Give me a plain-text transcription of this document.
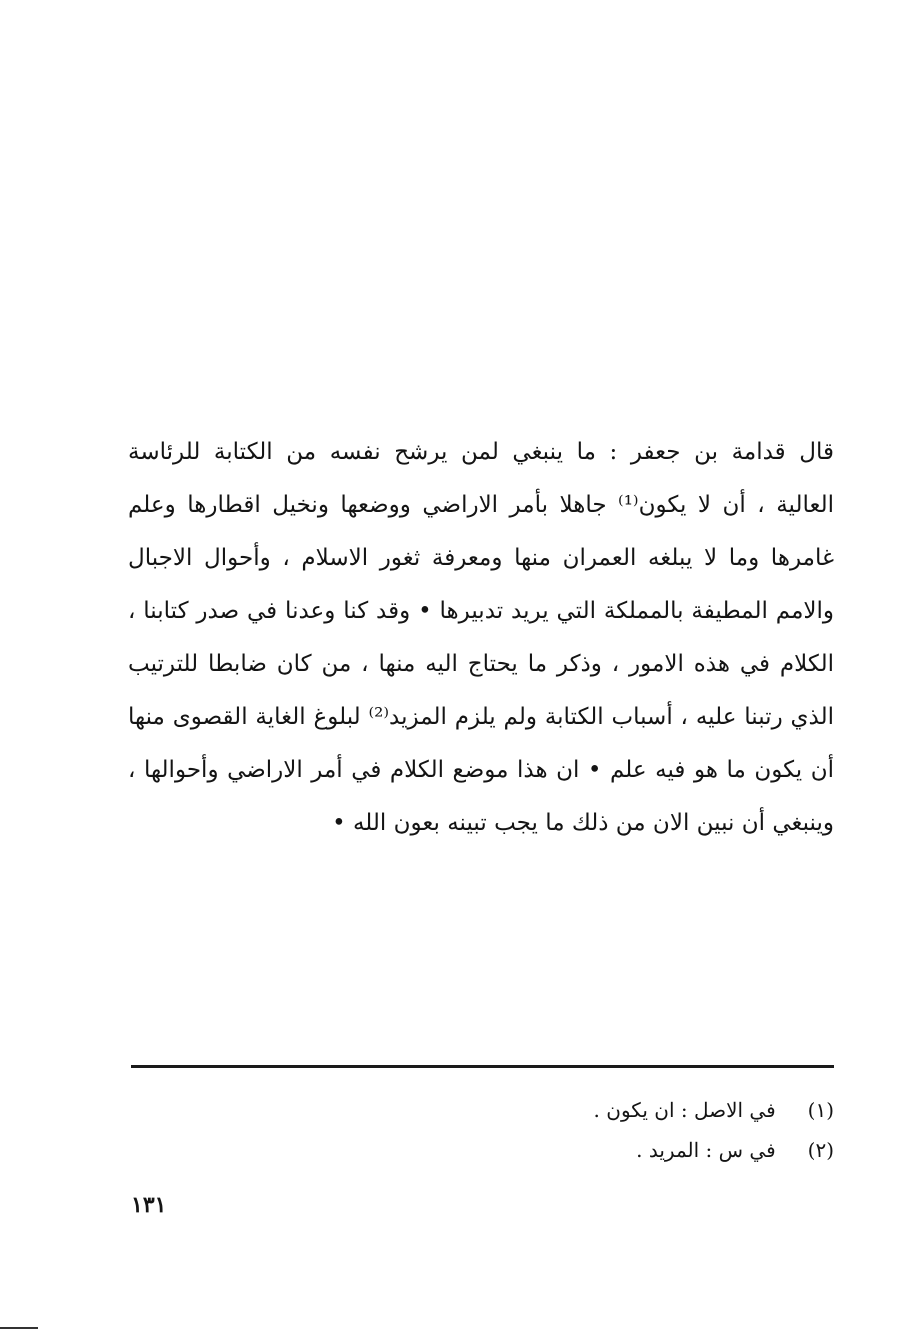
قال قدامة بن جعفر : ما ينبغي لمن يرشح نفسه من الكتابة للرئاسة
العالية ، أن لا يكون⁽¹⁾ جاهلا بأمر الاراضي ووضعها ونخيل اقطارها وعلم
غامرها وما لا يبلغه العمران منها ومعرفة ثغور الاسلام ، وأحوال الاجبال
والامم المطيفة بالمملكة التي يريد تدبيرها • وقد كنا وعدنا في صدر كتابنا ،
الكلام في هذه الامور ، وذكر ما يحتاج اليه منها ، من كان ضابطا للترتيب
الذي رتبنا عليه ، أسباب الكتابة ولم يلزم المزيد⁽²⁾ لبلوغ الغاية القصوى منها
أن يكون ما هو فيه علم • ان هذا موضع الكلام في أمر الاراضي وأحوالها ،
وينبغي أن نبين الان من ذلك ما يجب تبينه بعون الله •
(١) في الاصل : ان يكون .
(٢) في س : المريد .
١٣١
